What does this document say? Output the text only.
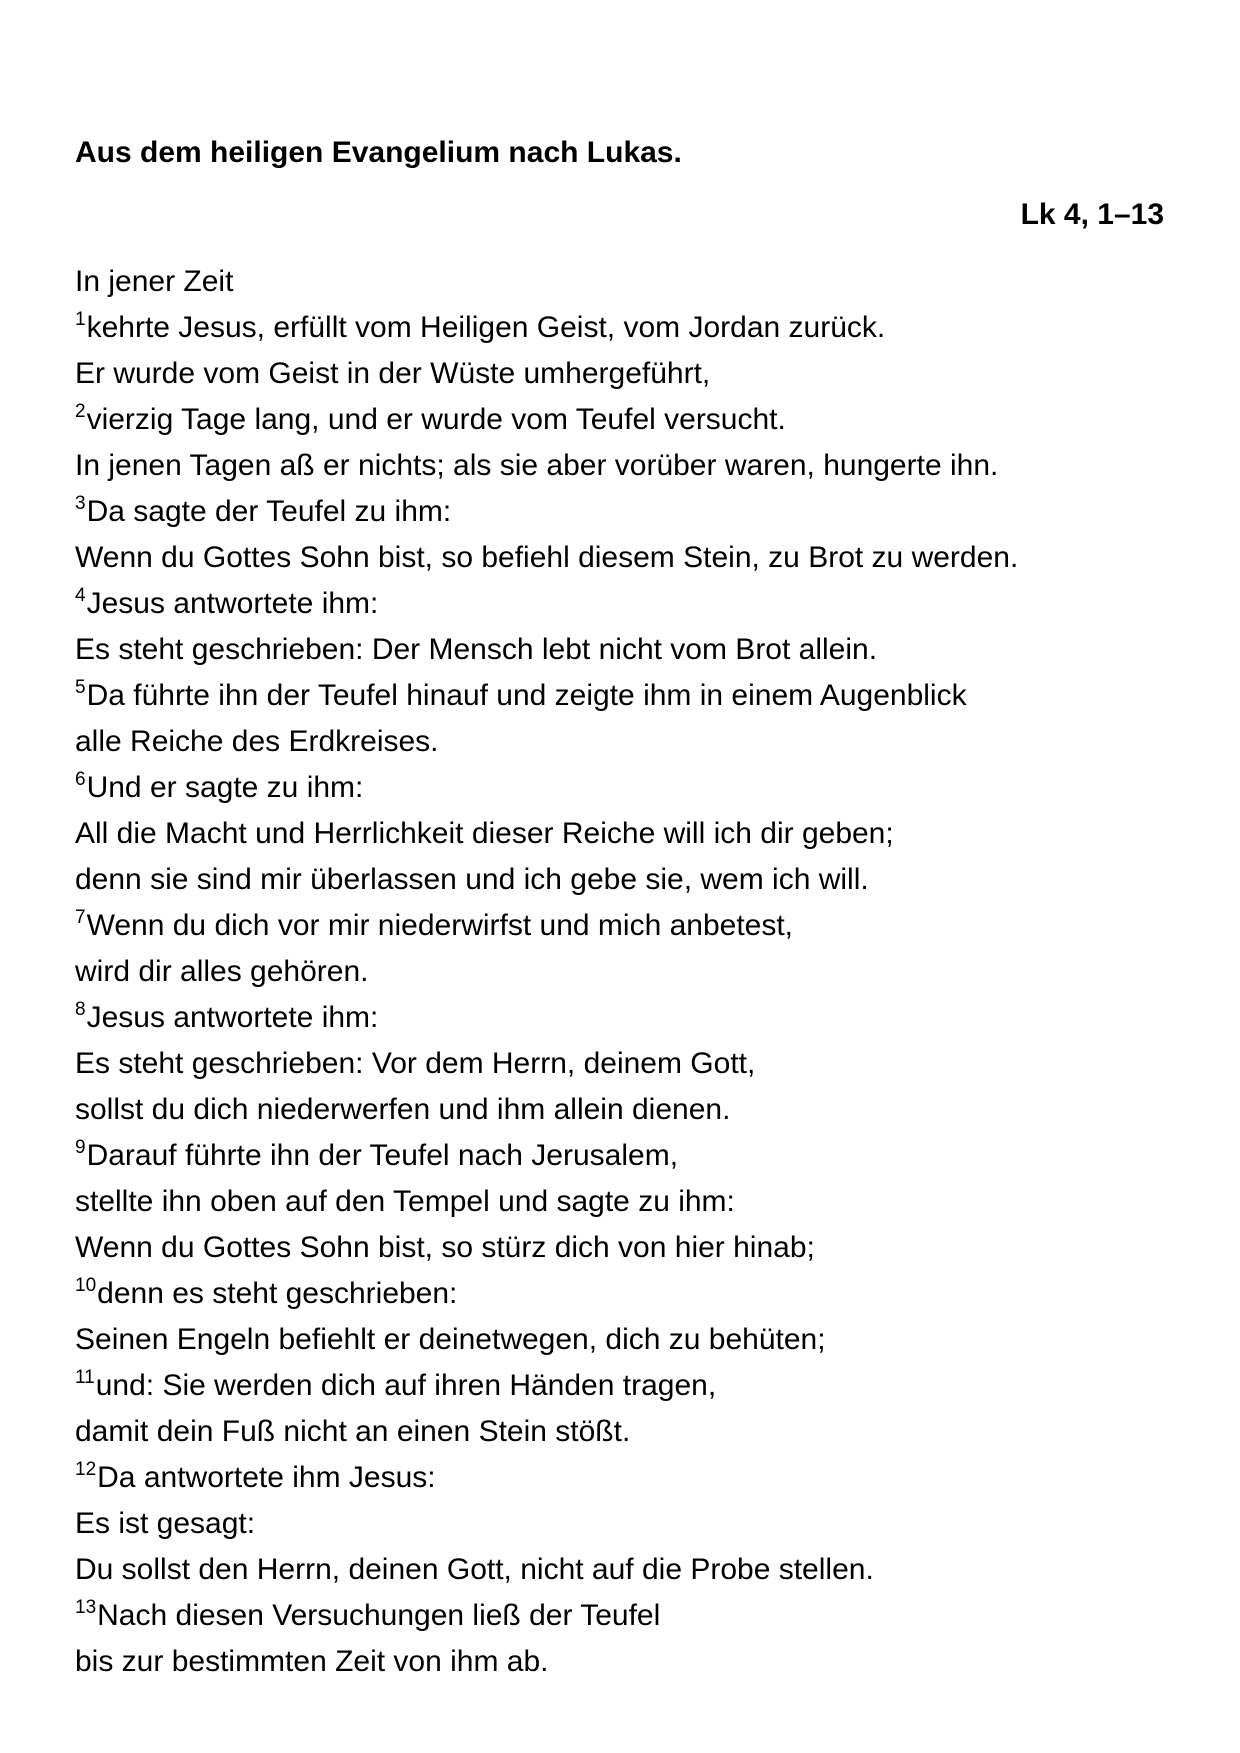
Aus dem heiligen Evangelium nach Lukas.
Lk 4, 1–13
In jener Zeit
$^1$kehrte Jesus, erfüllt vom Heiligen Geist, vom Jordan zurück.
Er wurde vom Geist in der Wüste umhergeführt,
$^2$vierzig Tage lang, und er wurde vom Teufel versucht.
In jenen Tagen aß er nichts; als sie aber vorüber waren, hungerte ihn.
$^3$Da sagte der Teufel zu ihm:
Wenn du Gottes Sohn bist, so befiehl diesem Stein, zu Brot zu werden.
$^4$Jesus antwortete ihm:
Es steht geschrieben: Der Mensch lebt nicht vom Brot allein.
$^5$Da führte ihn der Teufel hinauf und zeigte ihm in einem Augenblick
alle Reiche des Erdkreises.
$^6$Und er sagte zu ihm:
All die Macht und Herrlichkeit dieser Reiche will ich dir geben;
denn sie sind mir überlassen und ich gebe sie, wem ich will.
$^7$Wenn du dich vor mir niederwirfst und mich anbetest,
wird dir alles gehören.
$^8$Jesus antwortete ihm:
Es steht geschrieben: Vor dem Herrn, deinem Gott,
sollst du dich niederwerfen und ihm allein dienen.
$^9$Darauf führte ihn der Teufel nach Jerusalem,
stellte ihn oben auf den Tempel und sagte zu ihm:
Wenn du Gottes Sohn bist, so stürz dich von hier hinab;
$^{10}$denn es steht geschrieben:
Seinen Engeln befiehlt er deinetwegen, dich zu behüten;
$^{11}$und: Sie werden dich auf ihren Händen tragen,
damit dein Fuß nicht an einen Stein stößt.
$^{12}$Da antwortete ihm Jesus:
Es ist gesagt:
Du sollst den Herrn, deinen Gott, nicht auf die Probe stellen.
$^{13}$Nach diesen Versuchungen ließ der Teufel
bis zur bestimmten Zeit von ihm ab.
